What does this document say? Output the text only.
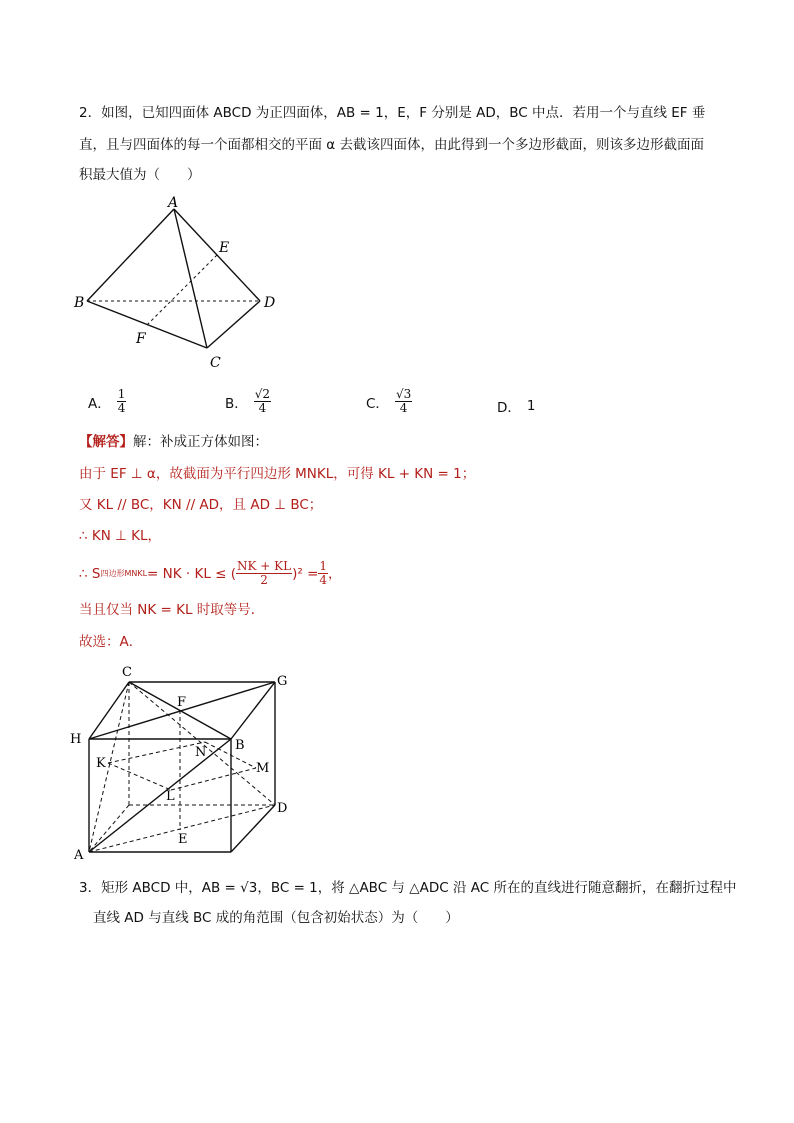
2．如图，已知四面体 ABCD 为正四面体，AB = 1，E，F 分别是 AD，BC 中点．若用一个与直线 EF 垂
直，且与四面体的每一个面都相交的平面 α 去截该四面体，由此得到一个多边形截面，则该多边形截面面
积最大值为（　　）
A
B	D
C
E
F
A． $\frac{1}{4}$	B． $\frac{√2}{4}$	C． $\frac{√3}{4}$	D． 1
【解答】解：补成正方体如图：
由于 EF ⊥ α，故截面为平行四边形 MNKL，可得 KL + KN = 1；
又 KL // BC，KN // AD，且 AD ⊥ BC；
∴ KN ⊥ KL，
∴ S 四边形MNKL = NK · KL ≤ ( $\frac{NK + KL}{2} )^2 = \frac{1}{4}$ ，
当且仅当 NK = KL 时取等号．
故选：A．
C
G
F
H	B
N
K	M
L
D
A
E
3．矩形 ABCD 中，AB = √3，BC = 1，将 △ABC 与 △ADC 沿 AC 所在的直线进行随意翻折，在翻折过程中
直线 AD 与直线 BC 成的角范围（包含初始状态）为（　　）
